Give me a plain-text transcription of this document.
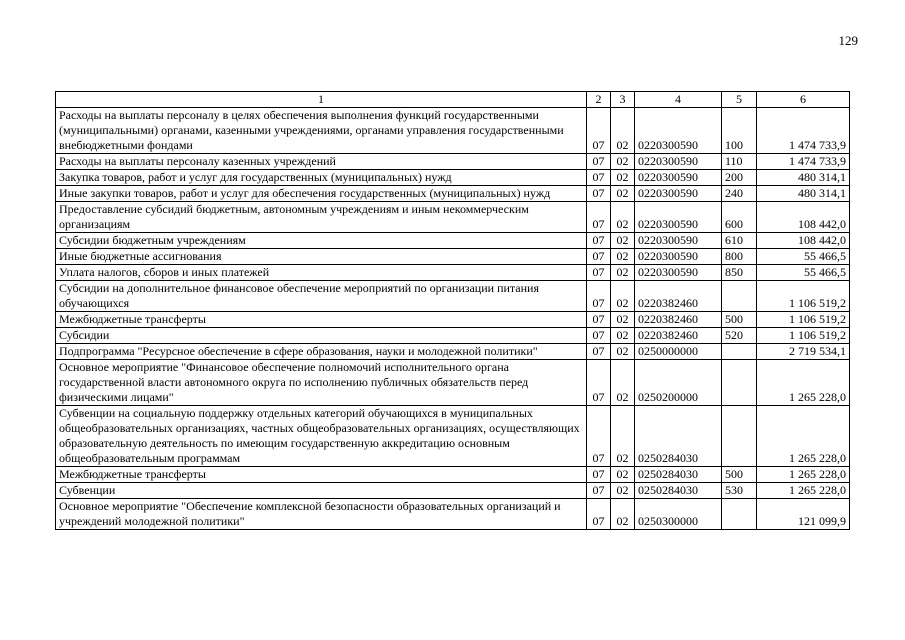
129
1	2	3	4	5	6
Расходы на выплаты персоналу в целях обеспечения выполнения функций государственными (муниципальными) органами, казенными учреждениями, органами управления государственными внебюджетными фондами	07	02	0220300590	100	1 474 733,9
Расходы на выплаты персоналу казенных учреждений	07	02	0220300590	110	1 474 733,9
Закупка товаров, работ и услуг для государственных (муниципальных) нужд	07	02	0220300590	200	480 314,1
Иные закупки товаров, работ и услуг для обеспечения государственных (муниципальных) нужд	07	02	0220300590	240	480 314,1
Предоставление субсидий бюджетным, автономным учреждениям и иным некоммерческим организациям	07	02	0220300590	600	108 442,0
Субсидии бюджетным учреждениям	07	02	0220300590	610	108 442,0
Иные бюджетные ассигнования	07	02	0220300590	800	55 466,5
Уплата налогов, сборов и иных платежей	07	02	0220300590	850	55 466,5
Субсидии на дополнительное финансовое обеспечение мероприятий по организации питания обучающихся	07	02	0220382460		1 106 519,2
Межбюджетные трансферты	07	02	0220382460	500	1 106 519,2
Субсидии	07	02	0220382460	520	1 106 519,2
Подпрограмма "Ресурсное обеспечение в сфере образования, науки и молодежной политики"	07	02	0250000000		2 719 534,1
Основное мероприятие "Финансовое обеспечение полномочий исполнительного органа государственной власти автономного округа по исполнению публичных обязательств перед физическими лицами"	07	02	0250200000		1 265 228,0
Субвенции на социальную поддержку отдельных категорий обучающихся в муниципальных общеобразовательных организациях, частных общеобразовательных организациях, осуществляющих образовательную деятельность по имеющим государственную аккредитацию основным общеобразовательным программам	07	02	0250284030		1 265 228,0
Межбюджетные трансферты	07	02	0250284030	500	1 265 228,0
Субвенции	07	02	0250284030	530	1 265 228,0
Основное мероприятие "Обеспечение комплексной безопасности образовательных организаций и учреждений молодежной политики"	07	02	0250300000		121 099,9
